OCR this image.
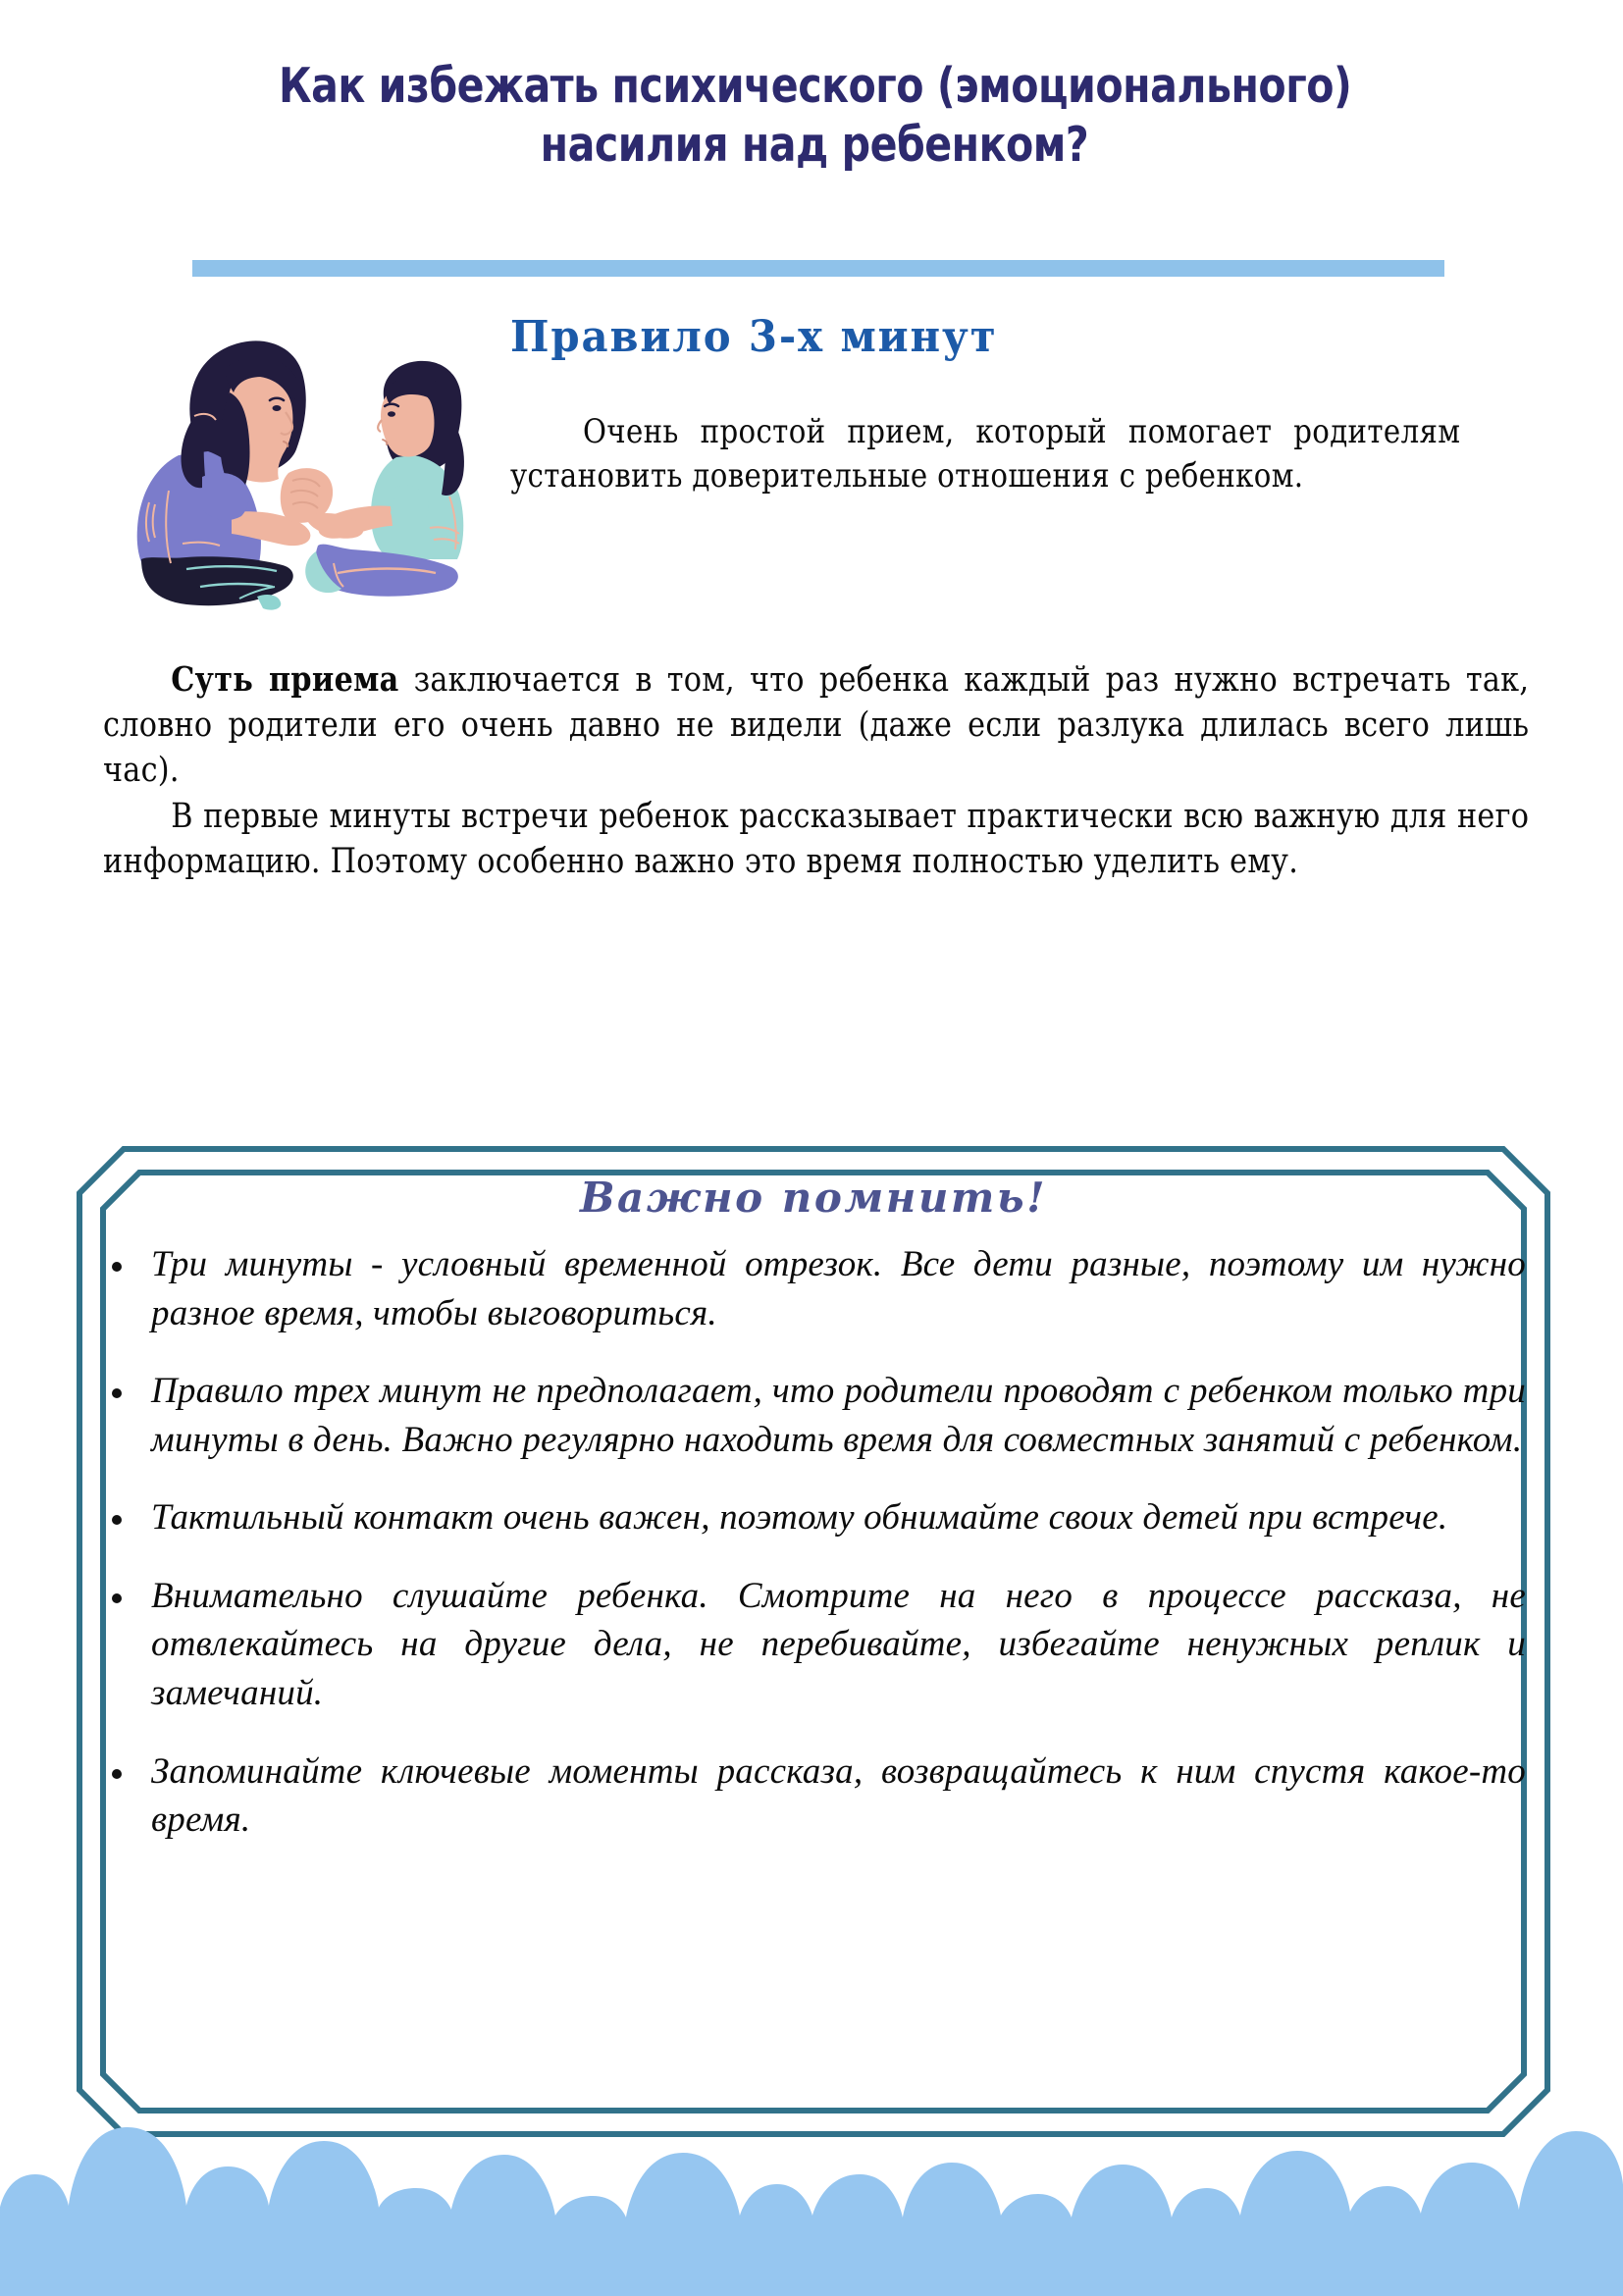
Как избежать психического (эмоционального)
насилия над ребенком?
Правило 3-х минут
Очень простой прием, который помогает родителям установить доверительные отношения с ребенком.

Суть приема заключается в том, что ребенка каждый раз нужно встречать так, словно родители его очень давно не видели (даже если разлука длилась всего лишь час).

В первые минуты встречи ребенок рассказывает практически всю важную для него информацию. Поэтому особенно важно это время полностью уделить ему.

Важно помнить!
Три минуты - условный временной отрезок. Все дети разные, поэтому им нужно разное время, чтобы выговориться.
Правило трех минут не предполагает, что родители проводят с ребенком только три минуты в день. Важно регулярно находить время для совместных занятий с ребенком.
Тактильный контакт очень важен, поэтому обнимайте своих детей при встрече.
Внимательно слушайте ребенка. Смотрите на него в процессе рассказа, не отвлекайтесь на другие дела, не перебивайте, избегайте ненужных реплик и замечаний.
Запоминайте ключевые моменты рассказа, возвращайтесь к ним спустя какое-то время.
